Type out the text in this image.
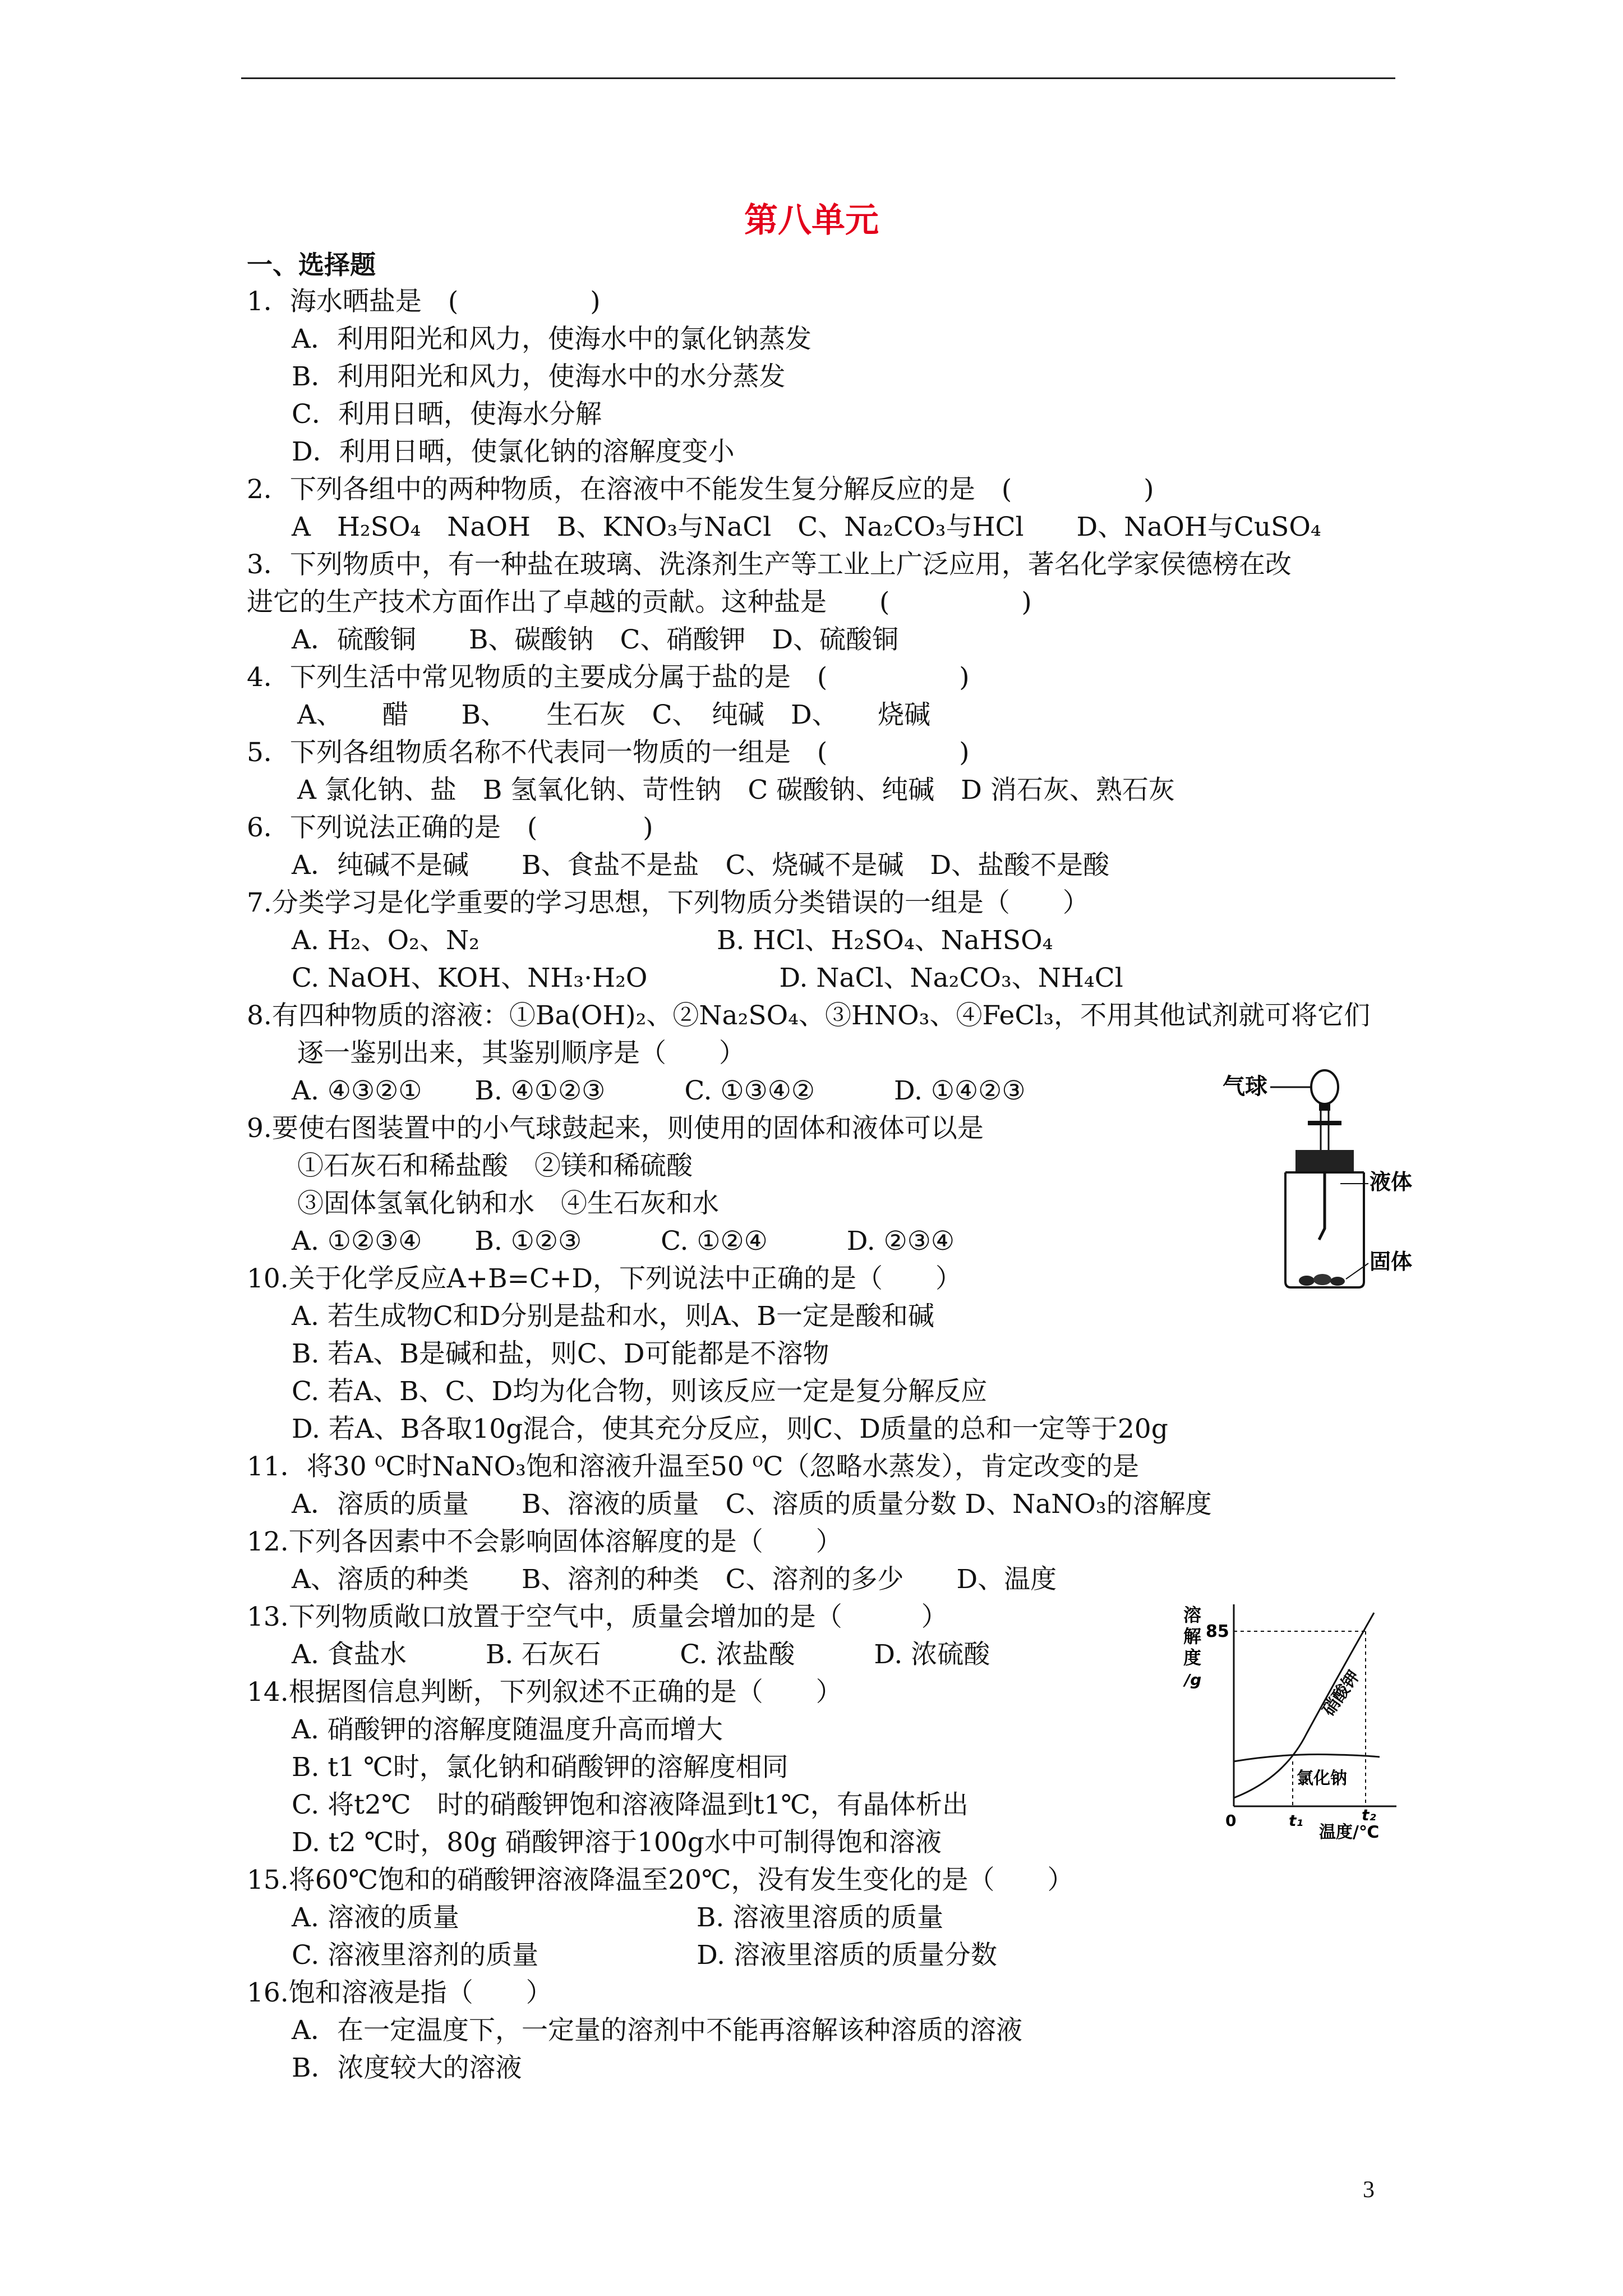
第八单元
一、选择题
1．海水晒盐是　(　　　　　)
A．利用阳光和风力，使海水中的氯化钠蒸发
B．利用阳光和风力，使海水中的水分蒸发
C．利用日晒，使海水分解
D．利用日晒，使氯化钠的溶解度变小
2．下列各组中的两种物质，在溶液中不能发生复分解反应的是　(　　　　　)
A　H₂SO₄　NaOH　B、KNO₃与NaCl　C、Na₂CO₃与HCl　　D、NaOH与CuSO₄
3．下列物质中，有一种盐在玻璃、洗涤剂生产等工业上广泛应用，著名化学家侯德榜在改
进它的生产技术方面作出了卓越的贡献。这种盐是　　(　　　　　)
A．硫酸铜　　B、碳酸钠　C、硝酸钾　D、硫酸铜
4．下列生活中常见物质的主要成分属于盐的是　(　　　　　)
A、　　醋　　B、　　生石灰　C、　纯碱　D、　　烧碱
5．下列各组物质名称不代表同一物质的一组是　(　　　　　)
A 氯化钠、盐　B 氢氧化钠、苛性钠　C 碳酸钠、纯碱　D 消石灰、熟石灰
6．下列说法正确的是　(　　　　)
A．纯碱不是碱　　B、食盐不是盐　C、烧碱不是碱　D、盐酸不是酸
7.分类学习是化学重要的学习思想，下列物质分类错误的一组是（　　）
A. H₂、O₂、N₂　　　　　　　　　B. HCl、H₂SO₄、NaHSO₄
C. NaOH、KOH、NH₃·H₂O　　　　　D. NaCl、Na₂CO₃、NH₄Cl
8.有四种物质的溶液：①Ba(OH)₂、②Na₂SO₄、③HNO₃、④FeCl₃，不用其他试剂就可将它们
逐一鉴别出来，其鉴别顺序是（　　）
A. ④③②①　　B. ④①②③　　　C. ①③④②　　　D. ①④②③
9.要使右图装置中的小气球鼓起来，则使用的固体和液体可以是
①石灰石和稀盐酸　②镁和稀硫酸
③固体氢氧化钠和水　④生石灰和水
A. ①②③④　　B. ①②③　　　C. ①②④　　　D. ②③④
10.关于化学反应A+B=C+D，下列说法中正确的是（　　）
A. 若生成物C和D分别是盐和水，则A、B一定是酸和碱
B. 若A、B是碱和盐，则C、D可能都是不溶物
C. 若A、B、C、D均为化合物，则该反应一定是复分解反应
D. 若A、B各取10g混合，使其充分反应，则C、D质量的总和一定等于20g
11．将30 ⁰C时NaNO₃饱和溶液升温至50 ⁰C（忽略水蒸发），肯定改变的是
A．溶质的质量　　B、溶液的质量　C、溶质的质量分数 D、NaNO₃的溶解度
12.下列各因素中不会影响固体溶解度的是（　　）
A、溶质的种类　　B、溶剂的种类　C、溶剂的多少　　D、温度
13.下列物质敞口放置于空气中，质量会增加的是（　　　）
A. 食盐水　　　B. 石灰石　　　C. 浓盐酸　　　D. 浓硫酸
14.根据图信息判断，下列叙述不正确的是（　　）
A. 硝酸钾的溶解度随温度升高而增大
B. t1 ℃时，氯化钠和硝酸钾的溶解度相同
C. 将t2℃　时的硝酸钾饱和溶液降温到t1℃，有晶体析出
D. t2 ℃时，80g 硝酸钾溶于100g水中可制得饱和溶液
15.将60℃饱和的硝酸钾溶液降温至20℃，没有发生变化的是（　　）
A. 溶液的质量　　　　　　　　　B. 溶液里溶质的质量
C. 溶液里溶剂的质量　　　　　　D. 溶液里溶质的质量分数
16.饱和溶液是指（　　）
A．在一定温度下，一定量的溶剂中不能再溶解该种溶质的溶液
B．浓度较大的溶液
气球
液体
固体
溶
解
度
/g
85
硝酸钾
氯化钠
0	t₁	t₂
温度/℃
3
